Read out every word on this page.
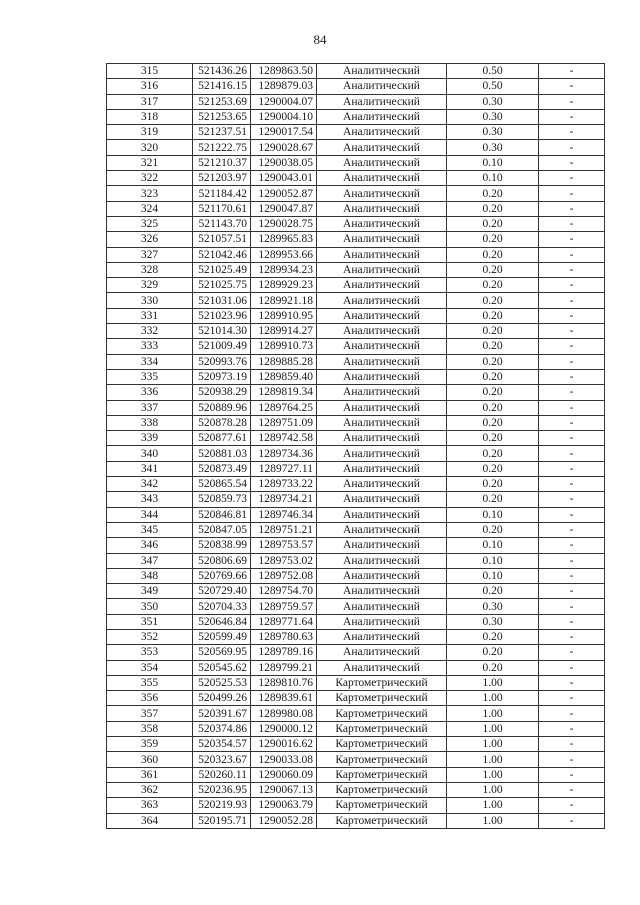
84
315	521436.26	1289863.50	Аналитический	0.50	-
316	521416.15	1289879.03	Аналитический	0.50	-
317	521253.69	1290004.07	Аналитический	0.30	-
318	521253.65	1290004.10	Аналитический	0.30	-
319	521237.51	1290017.54	Аналитический	0.30	-
320	521222.75	1290028.67	Аналитический	0.30	-
321	521210.37	1290038.05	Аналитический	0.10	-
322	521203.97	1290043.01	Аналитический	0.10	-
323	521184.42	1290052.87	Аналитический	0.20	-
324	521170.61	1290047.87	Аналитический	0.20	-
325	521143.70	1290028.75	Аналитический	0.20	-
326	521057.51	1289965.83	Аналитический	0.20	-
327	521042.46	1289953.66	Аналитический	0.20	-
328	521025.49	1289934.23	Аналитический	0.20	-
329	521025.75	1289929.23	Аналитический	0.20	-
330	521031.06	1289921.18	Аналитический	0.20	-
331	521023.96	1289910.95	Аналитический	0.20	-
332	521014.30	1289914.27	Аналитический	0.20	-
333	521009.49	1289910.73	Аналитический	0.20	-
334	520993.76	1289885.28	Аналитический	0.20	-
335	520973.19	1289859.40	Аналитический	0.20	-
336	520938.29	1289819.34	Аналитический	0.20	-
337	520889.96	1289764.25	Аналитический	0.20	-
338	520878.28	1289751.09	Аналитический	0.20	-
339	520877.61	1289742.58	Аналитический	0.20	-
340	520881.03	1289734.36	Аналитический	0.20	-
341	520873.49	1289727.11	Аналитический	0.20	-
342	520865.54	1289733.22	Аналитический	0.20	-
343	520859.73	1289734.21	Аналитический	0.20	-
344	520846.81	1289746.34	Аналитический	0.10	-
345	520847.05	1289751.21	Аналитический	0.20	-
346	520838.99	1289753.57	Аналитический	0.10	-
347	520806.69	1289753.02	Аналитический	0.10	-
348	520769.66	1289752.08	Аналитический	0.10	-
349	520729.40	1289754.70	Аналитический	0.20	-
350	520704.33	1289759.57	Аналитический	0.30	-
351	520646.84	1289771.64	Аналитический	0.30	-
352	520599.49	1289780.63	Аналитический	0.20	-
353	520569.95	1289789.16	Аналитический	0.20	-
354	520545.62	1289799.21	Аналитический	0.20	-
355	520525.53	1289810.76	Картометрический	1.00	-
356	520499.26	1289839.61	Картометрический	1.00	-
357	520391.67	1289980.08	Картометрический	1.00	-
358	520374.86	1290000.12	Картометрический	1.00	-
359	520354.57	1290016.62	Картометрический	1.00	-
360	520323.67	1290033.08	Картометрический	1.00	-
361	520260.11	1290060.09	Картометрический	1.00	-
362	520236.95	1290067.13	Картометрический	1.00	-
363	520219.93	1290063.79	Картометрический	1.00	-
364	520195.71	1290052.28	Картометрический	1.00	-
